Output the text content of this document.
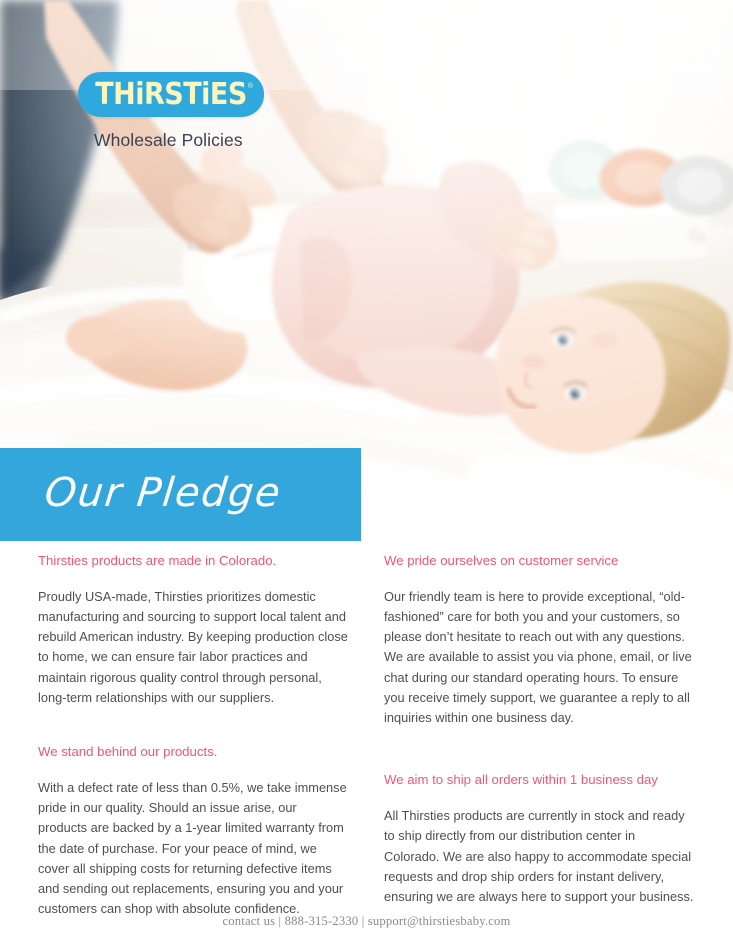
THiRSTiES ®
Wholesale Policies
Our Pledge
Thirsties products are made in Colorado.
Proudly USA-made, Thirsties prioritizes domestic manufacturing and sourcing to support local talent and rebuild American industry. By keeping production close to home, we can ensure fair labor practices and maintain rigorous quality control through personal, long-term relationships with our suppliers.
We stand behind our products.
With a defect rate of less than 0.5%, we take immense pride in our quality. Should an issue arise, our products are backed by a 1-year limited warranty from the date of purchase. For your peace of mind, we cover all shipping costs for returning defective items and sending out replacements, ensuring you and your customers can shop with absolute confidence.
We pride ourselves on customer service
Our friendly team is here to provide exceptional, “old-fashioned” care for both you and your customers, so please don’t hesitate to reach out with any questions. We are available to assist you via phone, email, or live chat during our standard operating hours. To ensure you receive timely support, we guarantee a reply to all inquiries within one business day.
We aim to ship all orders within 1 business day
All Thirsties products are currently in stock and ready to ship directly from our distribution center in Colorado. We are also happy to accommodate special requests and drop ship orders for instant delivery, ensuring we are always here to support your business.
contact us | 888-315-2330 | support@thirstiesbaby.com
